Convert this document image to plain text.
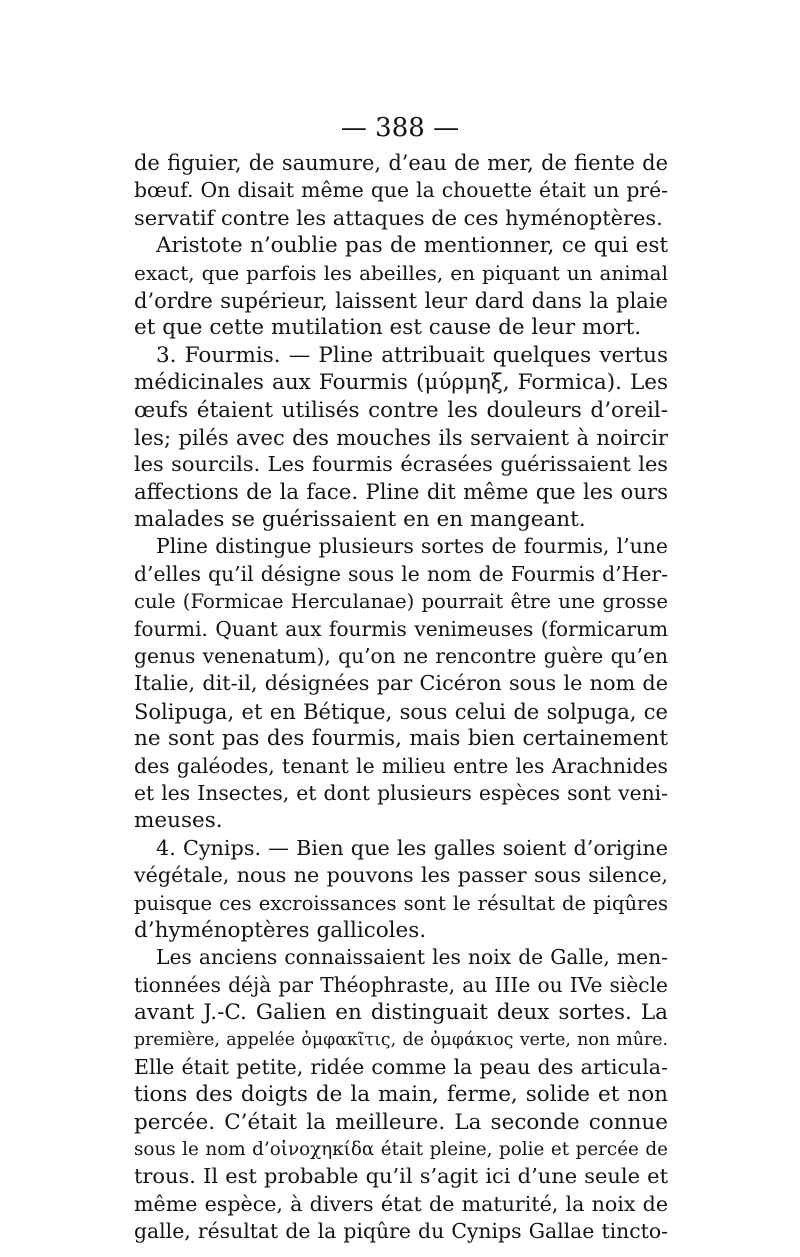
— 388 —
de figuier, de saumure, d’eau de mer, de fiente de
bœuf. On disait même que la chouette était un pré-
servatif contre les attaques de ces hyménoptères.
Aristote n’oublie pas de mentionner, ce qui est
exact, que parfois les abeilles, en piquant un animal
d’ordre supérieur, laissent leur dard dans la plaie
et que cette mutilation est cause de leur mort.
3. Fourmis. — Pline attribuait quelques vertus
médicinales aux Fourmis (μύρμηξ, Formica). Les
œufs étaient utilisés contre les douleurs d’oreil-
les; pilés avec des mouches ils servaient à noircir
les sourcils. Les fourmis écrasées guérissaient les
affections de la face. Pline dit même que les ours
malades se guérissaient en en mangeant.
Pline distingue plusieurs sortes de fourmis, l’une
d’elles qu’il désigne sous le nom de Fourmis d’Her-
cule (Formicae Herculanae) pourrait être une grosse
fourmi. Quant aux fourmis venimeuses (formicarum
genus venenatum), qu’on ne rencontre guère qu’en
Italie, dit-il, désignées par Cicéron sous le nom de
Solipuga, et en Bétique, sous celui de solpuga, ce
ne sont pas des fourmis, mais bien certainement
des galéodes, tenant le milieu entre les Arachnides
et les Insectes, et dont plusieurs espèces sont veni-
meuses.
4. Cynips. — Bien que les galles soient d’origine
végétale, nous ne pouvons les passer sous silence,
puisque ces excroissances sont le résultat de piqûres
d’hyménoptères gallicoles.
Les anciens connaissaient les noix de Galle, men-
tionnées déjà par Théophraste, au IIIe ou IVe siècle
avant J.-C. Galien en distinguait deux sortes. La
première, appelée ὀμφακῖτις, de ὀμφάκιος verte, non mûre.
Elle était petite, ridée comme la peau des articula-
tions des doigts de la main, ferme, solide et non
percée. C’était la meilleure. La seconde connue
sous le nom d’οἰνοχηκίδα était pleine, polie et percée de
trous. Il est probable qu’il s’agit ici d’une seule et
même espèce, à divers état de maturité, la noix de
galle, résultat de la piqûre du Cynips Gallae tincto-
